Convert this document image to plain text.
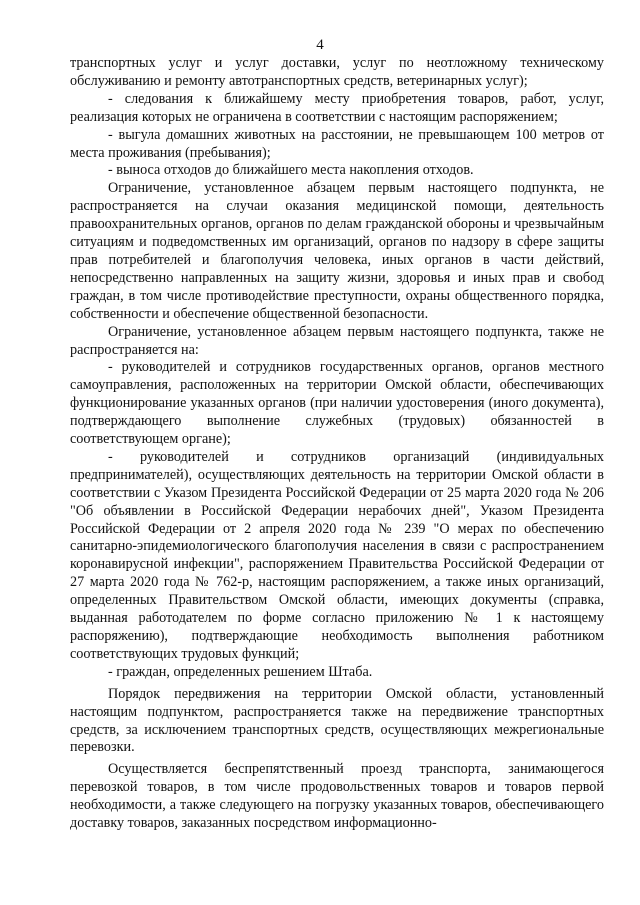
4

транспортных услуг и услуг доставки, услуг по неотложному техническому обслуживанию и ремонту автотранспортных средств, ветеринарных услуг);

- следования к ближайшему месту приобретения товаров, работ, услуг, реализация которых не ограничена в соответствии с настоящим распоряжением;

- выгула домашних животных на расстоянии, не превышающем 100 метров от места проживания (пребывания);

- выноса отходов до ближайшего места накопления отходов.

Ограничение, установленное абзацем первым настоящего подпункта, не распространяется на случаи оказания медицинской помощи, деятельность правоохранительных органов, органов по делам гражданской обороны и чрезвычайным ситуациям и подведомственных им организаций, органов по надзору в сфере защиты прав потребителей и благополучия человека, иных органов в части действий, непосредственно направленных на защиту жизни, здоровья и иных прав и свобод граждан, в том числе противодействие преступности, охраны общественного порядка, собственности и обеспечение общественной безопасности.

Ограничение, установленное абзацем первым настоящего подпункта, также не распространяется на:

- руководителей и сотрудников государственных органов, органов местного самоуправления, расположенных на территории Омской области, обеспечивающих функционирование указанных органов (при наличии удостоверения (иного документа), подтверждающего выполнение служебных (трудовых) обязанностей в соответствующем органе);

- руководителей и сотрудников организаций (индивидуальных предпринимателей), осуществляющих деятельность на территории Омской области в соответствии с Указом Президента Российской Федерации от 25 марта 2020 года № 206 "Об объявлении в Российской Федерации нерабочих дней", Указом Президента Российской Федерации от 2 апреля 2020 года № 239 "О мерах по обеспечению санитарно-эпидемиологического благополучия населения в связи с распространением коронавирусной инфекции", распоряжением Правительства Российской Федерации от 27 марта 2020 года № 762-р, настоящим распоряжением, а также иных организаций, определенных Правительством Омской области, имеющих документы (справка, выданная работодателем по форме согласно приложению № 1 к настоящему распоряжению), подтверждающие необходимость выполнения работником соответствующих трудовых функций;

- граждан, определенных решением Штаба.

Порядок передвижения на территории Омской области, установленный настоящим подпунктом, распространяется также на передвижение транспортных средств, за исключением транспортных средств, осуществляющих межрегиональные перевозки.

Осуществляется беспрепятственный проезд транспорта, занимающегося перевозкой товаров, в том числе продовольственных товаров и товаров первой необходимости, а также следующего на погрузку указанных товаров, обеспечивающего доставку товаров, заказанных посредством информационно-
